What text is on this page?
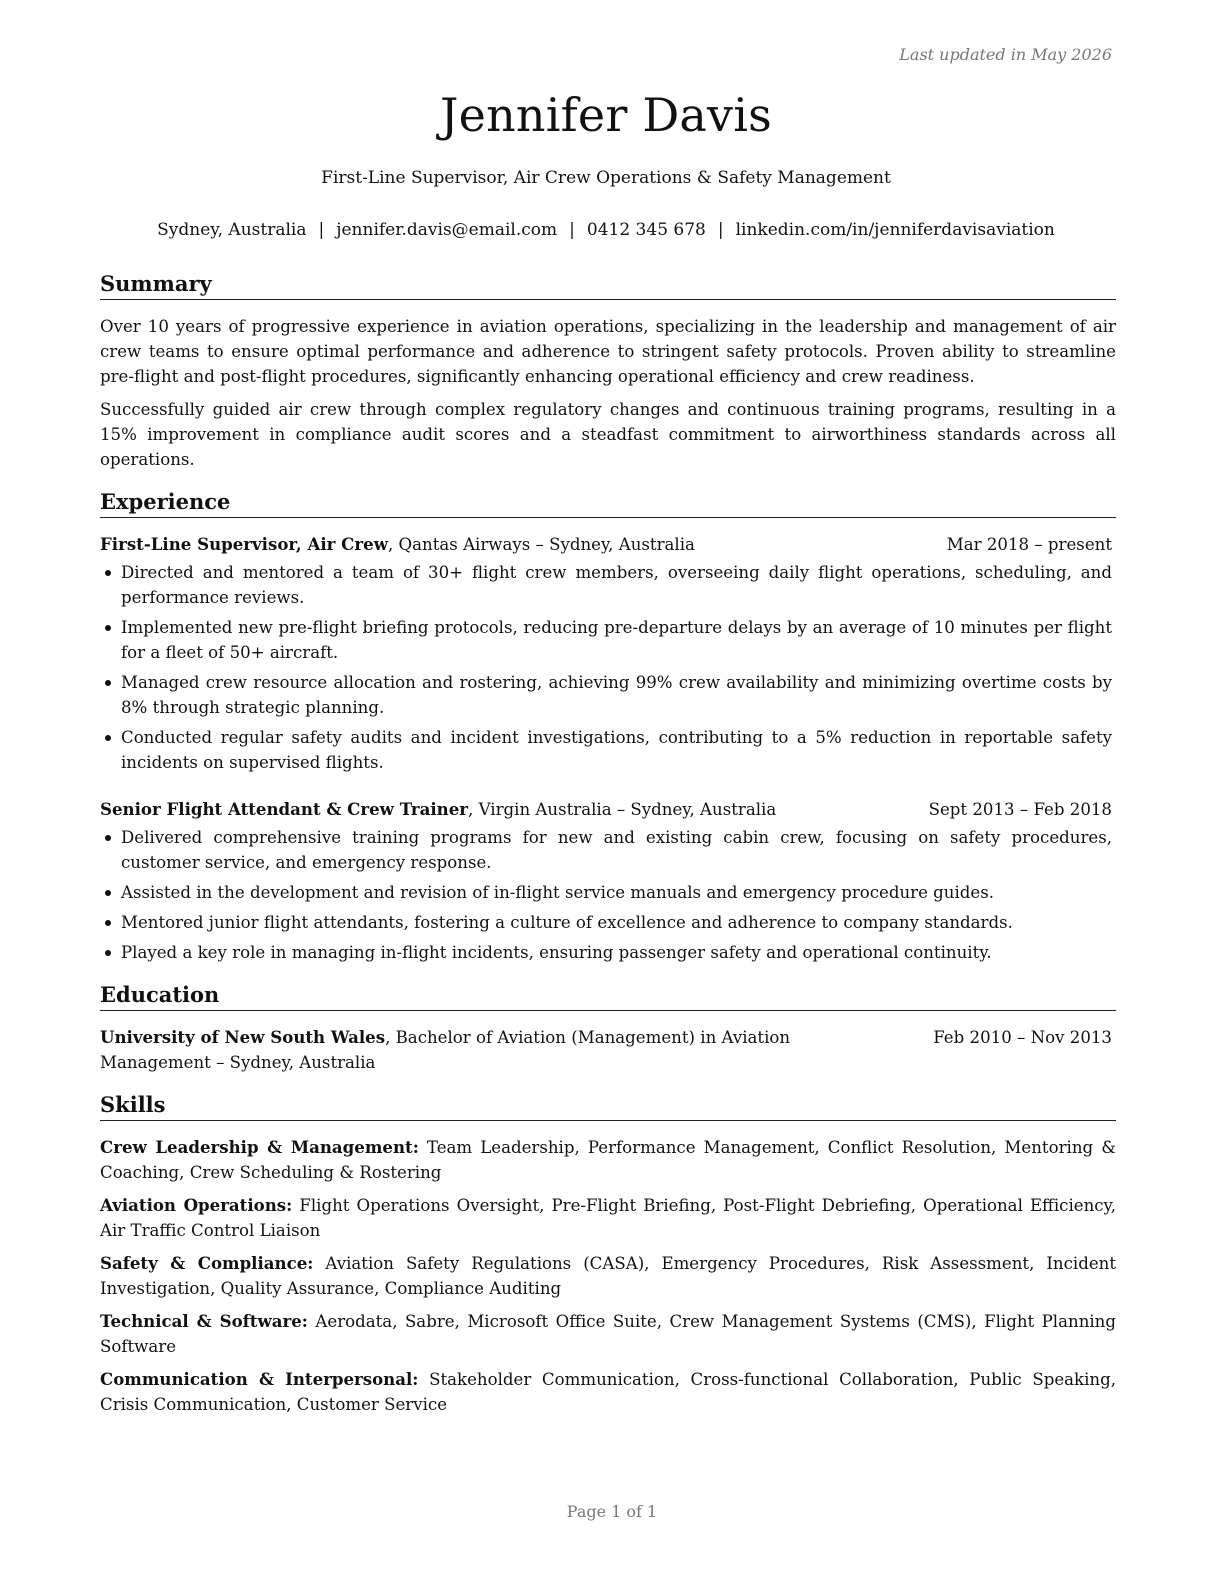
Last updated in May 2026
Jennifer Davis
First-Line Supervisor, Air Crew Operations & Safety Management
Sydney, Australia | jennifer.davis@email.com | 0412 345 678 | linkedin.com/in/jenniferdavisaviation
Summary

Over 10 years of progressive experience in aviation operations, specializing in the leadership and management of air crew teams to ensure optimal performance and adherence to stringent safety protocols. Proven ability to streamline pre-flight and post-flight procedures, significantly enhancing operational efficiency and crew readiness.

Successfully guided air crew through complex regulatory changes and continuous training programs, resulting in a 15% improvement in compliance audit scores and a steadfast commitment to airworthiness standards across all operations.

Experience
First-Line Supervisor, Air Crew, Qantas Airways – Sydney, Australia	Mar 2018 – present
Directed and mentored a team of 30+ flight crew members, overseeing daily flight operations, scheduling, and performance reviews.
Implemented new pre-flight briefing protocols, reducing pre-departure delays by an average of 10 minutes per flight for a fleet of 50+ aircraft.
Managed crew resource allocation and rostering, achieving 99% crew availability and minimizing overtime costs by 8% through strategic planning.
Conducted regular safety audits and incident investigations, contributing to a 5% reduction in reportable safety incidents on supervised flights.
Senior Flight Attendant & Crew Trainer, Virgin Australia – Sydney, Australia	Sept 2013 – Feb 2018
Delivered comprehensive training programs for new and existing cabin crew, focusing on safety procedures, customer service, and emergency response.
Assisted in the development and revision of in-flight service manuals and emergency procedure guides.
Mentored junior flight attendants, fostering a culture of excellence and adherence to company standards.
Played a key role in managing in-flight incidents, ensuring passenger safety and operational continuity.
Education
University of New South Wales, Bachelor of Aviation (Management) in Aviation Management – Sydney, Australia
Feb 2010 – Nov 2013
Skills

Crew Leadership & Management: Team Leadership, Performance Management, Conflict Resolution, Mentoring & Coaching, Crew Scheduling & Rostering

Aviation Operations: Flight Operations Oversight, Pre-Flight Briefing, Post-Flight Debriefing, Operational Efficiency, Air Traffic Control Liaison

Safety & Compliance: Aviation Safety Regulations (CASA), Emergency Procedures, Risk Assessment, Incident Investigation, Quality Assurance, Compliance Auditing

Technical & Software: Aerodata, Sabre, Microsoft Office Suite, Crew Management Systems (CMS), Flight Planning Software

Communication & Interpersonal: Stakeholder Communication, Cross-functional Collaboration, Public Speaking, Crisis Communication, Customer Service

Page 1 of 1
